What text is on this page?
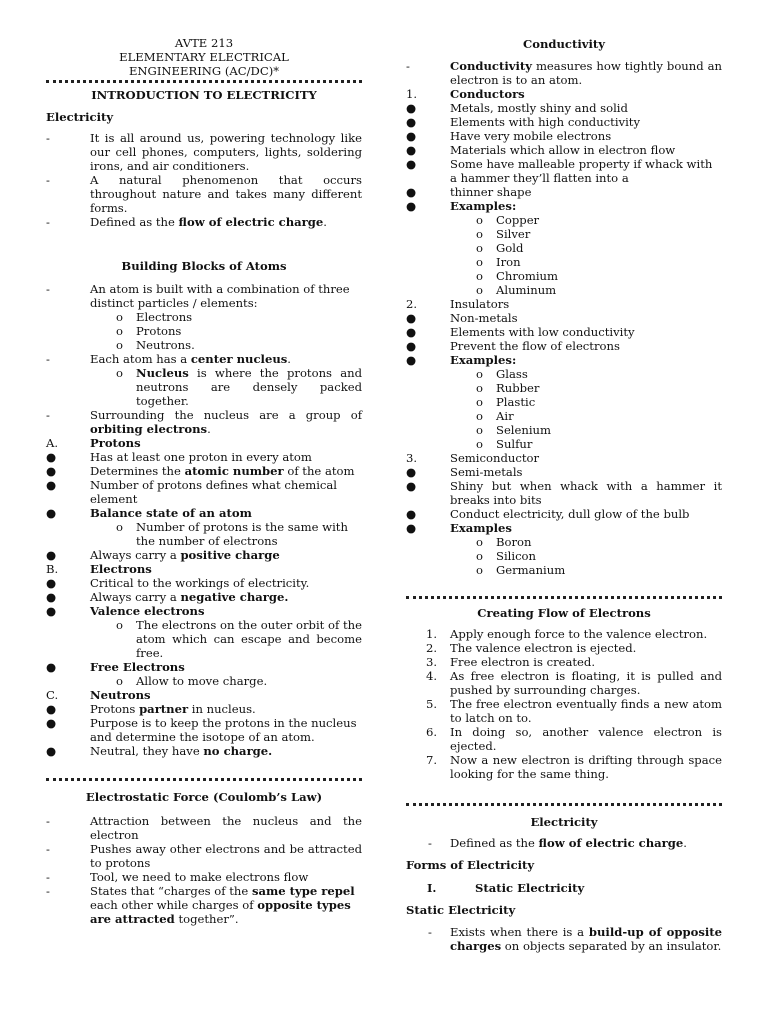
AVTE 213
ELEMENTARY ELECTRICAL
ENGINEERING (AC/DC)*
INTRODUCTION TO ELECTRICITY
Electricity
-	It is all around us, powering technology like our cell phones, computers, lights, soldering irons, and air conditioners.
-	A natural phenomenon that occurs throughout nature and takes many different forms.
-	Defined as the flow of electric charge.
Building Blocks of Atoms
-	An atom is built with a combination of three distinct particles / elements:
o Electrons
o Protons
o Neutrons.
-	Each atom has a center nucleus.
o Nucleus is where the protons and neutrons are densely packed together.
-	Surrounding the nucleus are a group of orbiting electrons.
A.	Protons
●	Has at least one proton in every atom
●	Determines the atomic number of the atom
●	Number of protons defines what chemical element
●	Balance state of an atom
o Number of protons is the same with the number of electrons
●	Always carry a positive charge
B.	Electrons
●	Critical to the workings of electricity.
●	Always carry a negative charge.
●	Valence electrons
o The electrons on the outer orbit of the atom which can escape and become free.
●	Free Electrons
o Allow to move charge.
C.	Neutrons
●	Protons partner in nucleus.
●	Purpose is to keep the protons in the nucleus and determine the isotope of an atom.
●	Neutral, they have no charge.
Electrostatic Force (Coulomb’s Law)
-	Attraction between the nucleus and the electron
-	Pushes away other electrons and be attracted to protons
-	Tool, we need to make electrons flow
-	States that “charges of the same type repel each other while charges of opposite types are attracted together”.
Conductivity
-	Conductivity measures how tightly bound an electron is to an atom.
1.	Conductors
●	Metals, mostly shiny and solid
●	Elements with high conductivity
●	Have very mobile electrons
●	Materials which allow in electron flow
●	Some have malleable property if whack with a hammer they’ll flatten into a
●	thinner shape
●	Examples:
o Copper
o Silver
o Gold
o Iron
o Chromium
o Aluminum
2.	Insulators
●	Non-metals
●	Elements with low conductivity
●	Prevent the flow of electrons
●	Examples:
o Glass
o Rubber
o Plastic
o Air
o Selenium
o Sulfur
3.	Semiconductor
●	Semi-metals
●	Shiny but when whack with a hammer it breaks into bits
●	Conduct electricity, dull glow of the bulb
●	Examples
o Boron
o Silicon
o Germanium
Creating Flow of Electrons
1. Apply enough force to the valence electron.
2. The valence electron is ejected.
3. Free electron is created.
4. As free electron is floating, it is pulled and pushed by surrounding charges.
5. The free electron eventually finds a new atom to latch on to.
6. In doing so, another valence electron is ejected.
7. Now a new electron is drifting through space looking for the same thing.
Electricity
- Defined as the flow of electric charge.
Forms of Electricity
I.	Static Electricity
Static Electricity
- Exists when there is a build-up of opposite charges on objects separated by an insulator.
